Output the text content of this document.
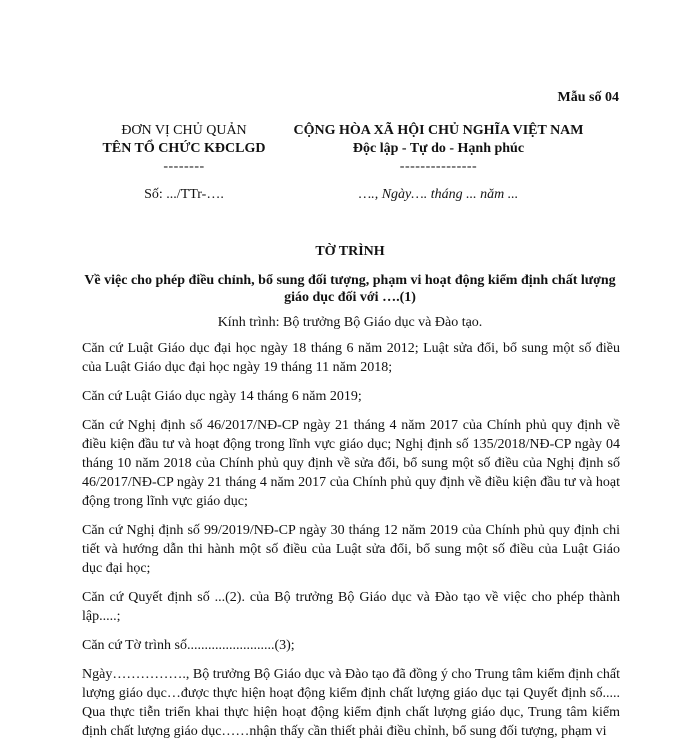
Mẫu số 04
ĐƠN VỊ CHỦ QUẢN
TÊN TỔ CHỨC KĐCLGD
--------
Số: .../TTr-….
CỘNG HÒA XÃ HỘI CHỦ NGHĨA VIỆT NAM
Độc lập - Tự do - Hạnh phúc
---------------
…., Ngày…. tháng ... năm ...
TỜ TRÌNH
Về việc cho phép điều chỉnh, bổ sung đối tượng, phạm vi hoạt động kiểm định chất lượng giáo dục đối với ….(1)
Kính trình: Bộ trưởng Bộ Giáo dục và Đào tạo.

Căn cứ Luật Giáo dục đại học ngày 18 tháng 6 năm 2012; Luật sửa đổi, bổ sung một số điều của Luật Giáo dục đại học ngày 19 tháng 11 năm 2018;

Căn cứ Luật Giáo dục ngày 14 tháng 6 năm 2019;

Căn cứ Nghị định số 46/2017/NĐ-CP ngày 21 tháng 4 năm 2017 của Chính phủ quy định về điều kiện đầu tư và hoạt động trong lĩnh vực giáo dục; Nghị định số 135/2018/NĐ-CP ngày 04 tháng 10 năm 2018 của Chính phủ quy định về sửa đổi, bổ sung một số điều của Nghị định số 46/2017/NĐ-CP ngày 21 tháng 4 năm 2017 của Chính phủ quy định về điều kiện đầu tư và hoạt động trong lĩnh vực giáo dục;

Căn cứ Nghị định số 99/2019/NĐ-CP ngày 30 tháng 12 năm 2019 của Chính phủ quy định chi tiết và hướng dẫn thi hành một số điều của Luật sửa đổi, bổ sung một số điều của Luật Giáo dục đại học;

Căn cứ Quyết định số ...(2). của Bộ trưởng Bộ Giáo dục và Đào tạo về việc cho phép thành lập.....;

Căn cứ Tờ trình số.........................(3);

Ngày……………., Bộ trưởng Bộ Giáo dục và Đào tạo đã đồng ý cho Trung tâm kiểm định chất lượng giáo dục…được thực hiện hoạt động kiểm định chất lượng giáo dục tại Quyết định số..... Qua thực tiễn triển khai thực hiện hoạt động kiểm định chất lượng giáo dục, Trung tâm kiểm định chất lượng giáo dục……nhận thấy cần thiết phải điều chỉnh, bổ sung đối tượng, phạm vi
